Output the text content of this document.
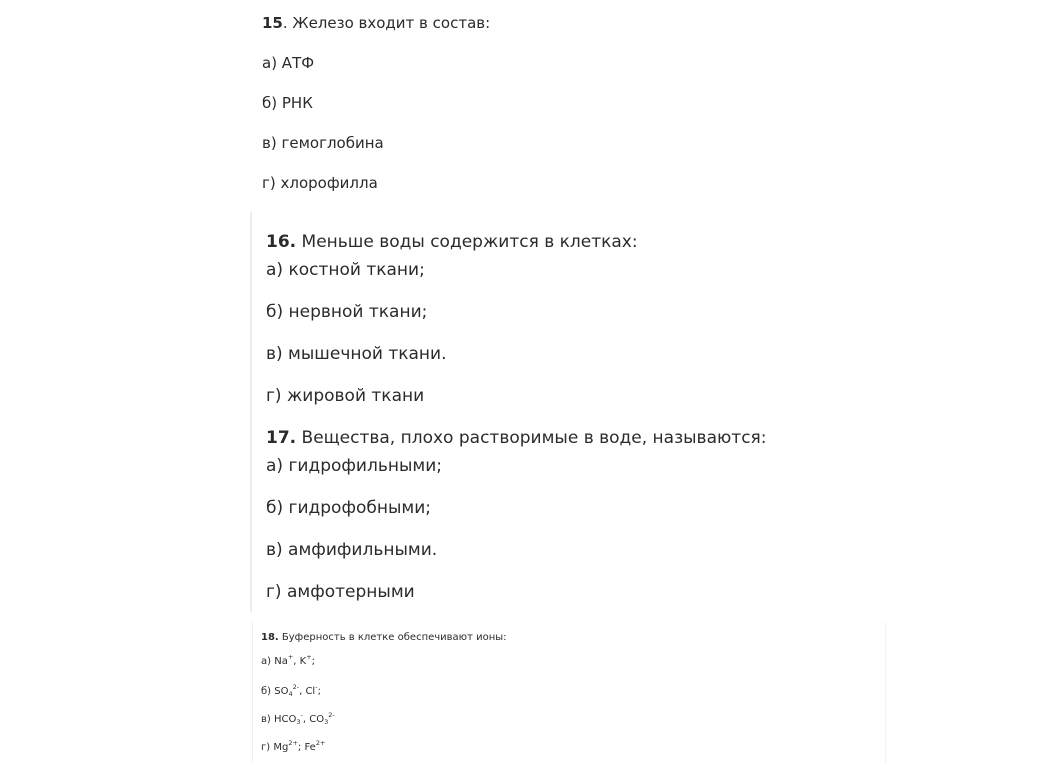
15. Железо входит в состав:
а) АТФ
б) РНК
в) гемоглобина
г) хлорофилла
16. Меньше воды содержится в клетках:
а) костной ткани;
б) нервной ткани;
в) мышечной ткани.
г) жировой ткани
17. Вещества, плохо растворимые в воде, называются:
а) гидрофильными;
б) гидрофобными;
в) амфифильными.
г) амфотерными
18. Буферность в клетке обеспечивают ионы:
а) Na+, K+;
б) $SO_4^{2-}$, Cl-;
в) $HCO_3^-$, $CO_3^{2-}$
г) $Mg^{2+}$; $Fe^{2+}$
